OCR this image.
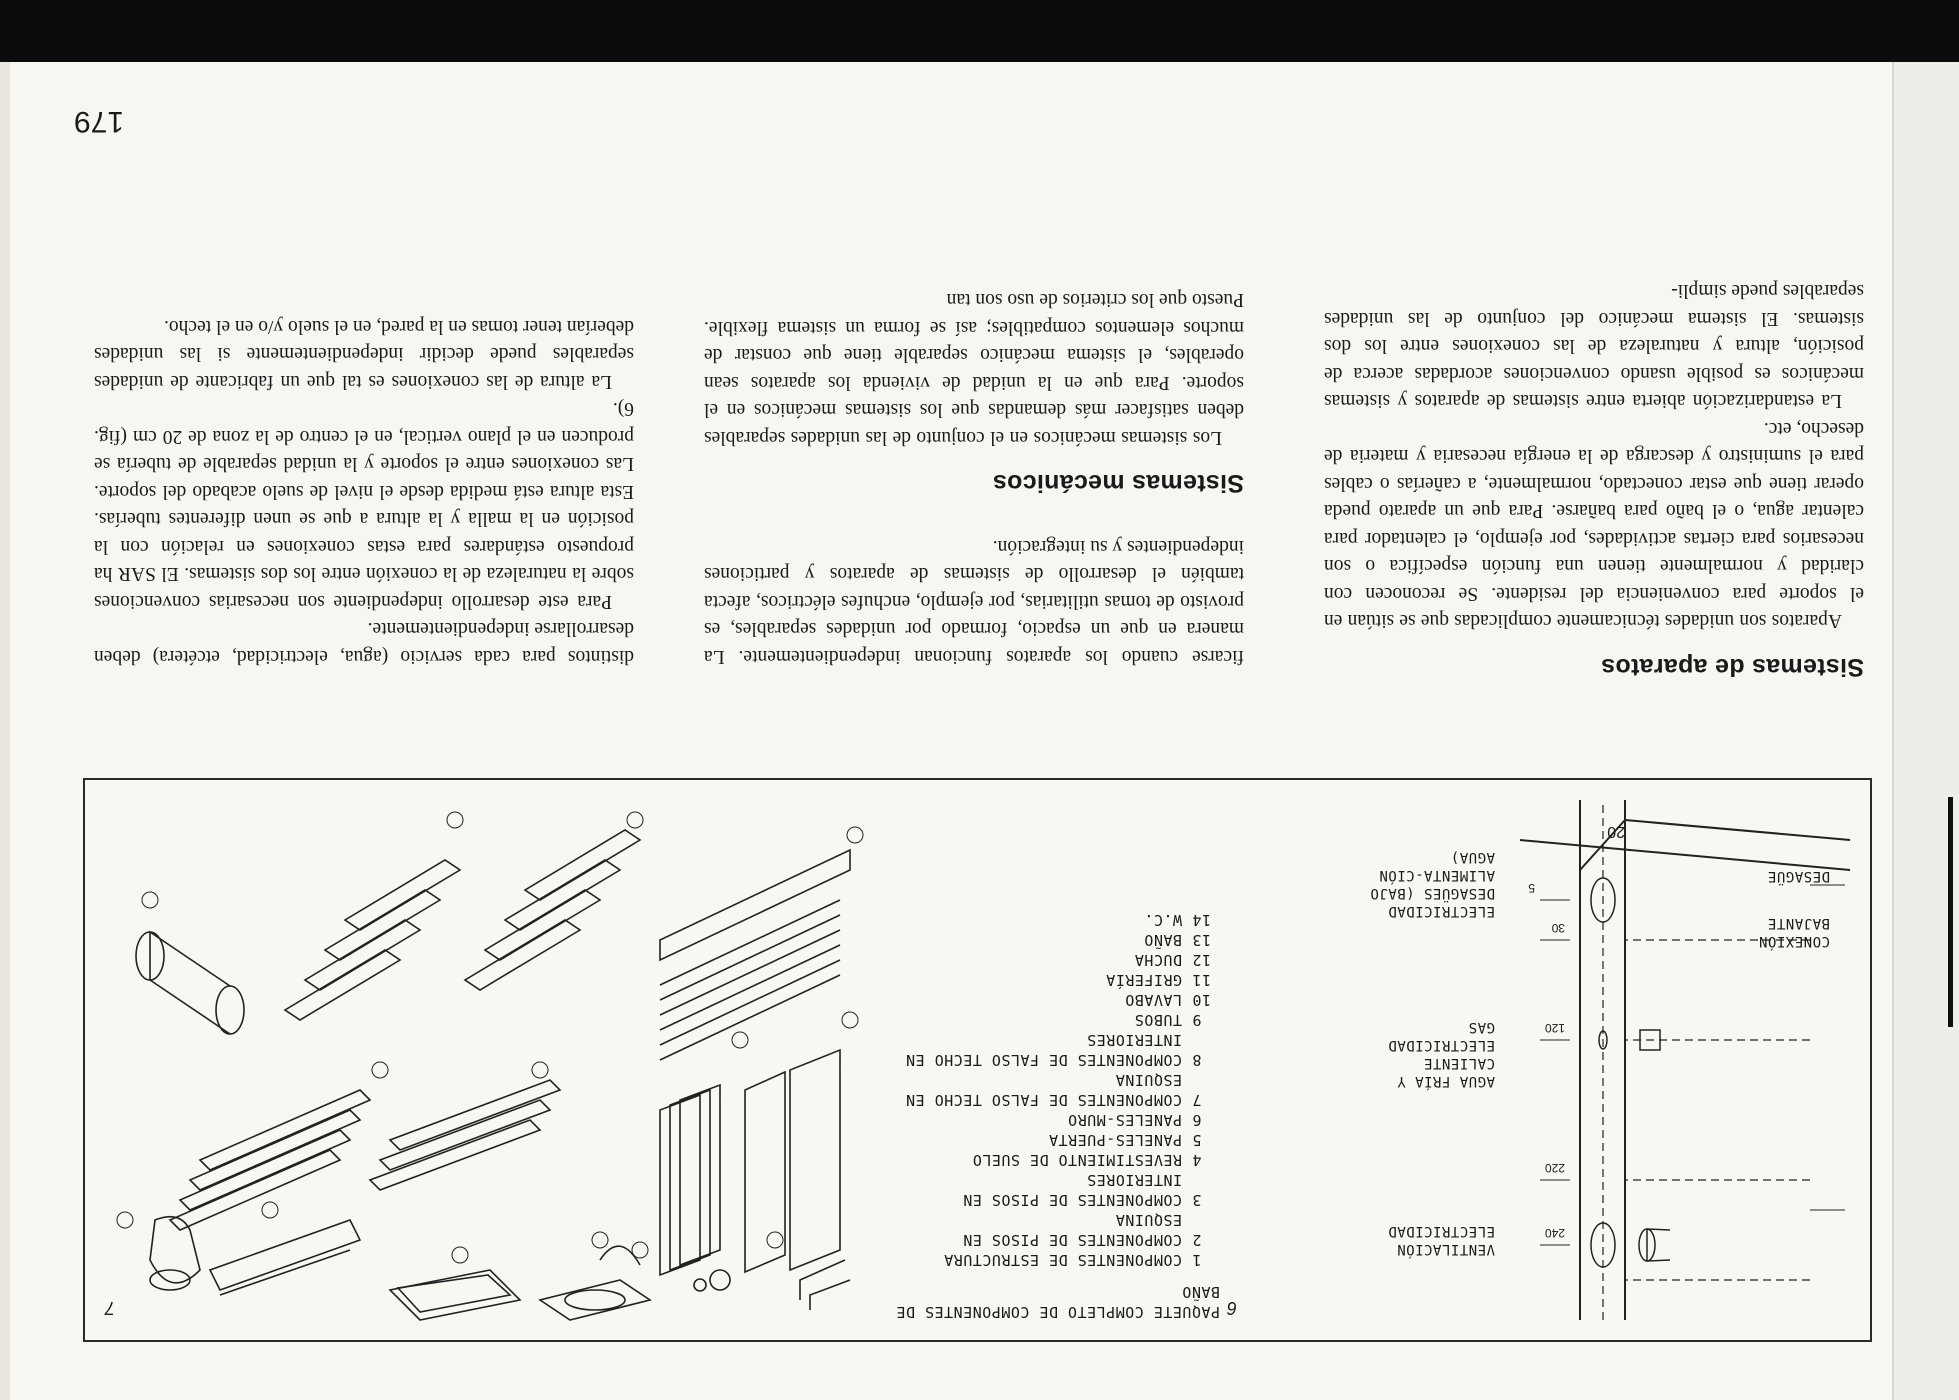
179
Sistemas de aparatos

Aparatos son unidades técnicamente complicadas que se sitúan en el soporte para conveniencia del residente. Se reconocen con claridad y normalmente tienen una función específica o son necesarios para ciertas actividades, por ejemplo, el calentador para calentar agua, o el baño para bañarse. Para que un aparato pueda operar tiene que estar conectado, normalmente, a cañerías o cables para el suministro y descarga de la energía necesaria y materia de desecho, etc.

La estandarización abierta entre sistemas de aparatos y sistemas mecánicos es posible usando convenciones acordadas acerca de posición, altura y naturaleza de las conexiones entre los dos sistemas. El sistema mecánico del conjunto de las unidades separables puede simpli-

ficarse cuando los aparatos funcionan independientemente. La manera en que un espacio, formado por unidades separables, es provisto de tomas utilitarias, por ejemplo, enchufes eléctricos, afecta también el desarrollo de sistemas de aparatos y particiones independientes y su integración.

Sistemas mecánicos

Los sistemas mecánicos en el conjunto de las unidades separables deben satisfacer más demandas que los sistemas mecánicos en el soporte. Para que en la unidad de vivienda los aparatos sean operables, el sistema mecánico separable tiene que constar de muchos elementos compatibles; así se forma un sistema flexible. Puesto que los criterios de uso son tan

distintos para cada servicio (agua, electricidad, etcétera) deben desarrollarse independientemente.

Para este desarrollo independiente son necesarias convenciones sobre la naturaleza de la conexión entre los dos sistemas. El SAR ha propuesto estándares para estas conexiones en relación con la posición en la malla y la altura a que se unen diferentes tuberías. Esta altura está medida desde el nivel de suelo acabado del soporte. Las conexiones entre el soporte y la unidad separable de tubería se producen en el plano vertical, en el centro de la zona de 20 cm (fig. 6).

La altura de las conexiones es tal que un fabricante de unidades separables puede decidir independientemente si las unidades deberían tener tomas en la pared, en el suelo y/o en el techo.

240
220
120
30
5
20
VENTILACIÓN ELECTRICIDAD
AGUA FRÍA Y CALIENTE ELECTRICIDAD GAS
ELECTRICIDAD DESAGÜES (BAJO ALIMENTA-CIÓN AGUA)
CONEXIÓN BAJANTE
DESAGÜE
6
PAQUETE COMPLETO DE COMPONENTES DE BAÑO
1
COMPONENTES DE ESTRUCTURA
2
COMPONENTES DE PISOS EN ESQUINA
3
COMPONENTES DE PISOS EN INTERIORES
4
REVESTIMIENTO DE SUELO
5
PANELES-PUERTA
6
PANELES-MURO
7
COMPONENTES DE FALSO TECHO EN ESQUINA
8
COMPONENTES DE FALSO TECHO EN INTERIORES
9
TUBOS
10
LAVABO
11
GRIFERÍA
12
DUCHA
13
BAÑO
14
W.C.
7
